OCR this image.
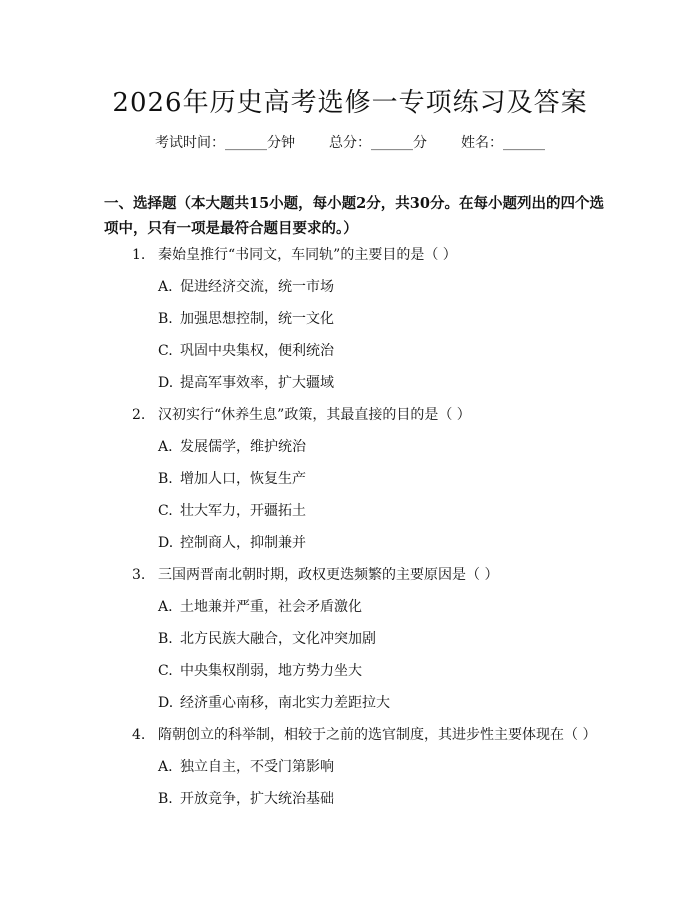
2026年历史高考选修一专项练习及答案
考试时间：______分钟 总分：______分 姓名：______
一、选择题（本大题共15小题，每小题2分，共30分。在每小题列出的四个选项中，只有一项是最符合题目要求的。）
1. 秦始皇推行“书同文，车同轨”的主要目的是（ ）
A. 促进经济交流，统一市场
B. 加强思想控制，统一文化
C. 巩固中央集权，便利统治
D. 提高军事效率，扩大疆域
2. 汉初实行“休养生息”政策，其最直接的目的是（ ）
A. 发展儒学，维护统治
B. 增加人口，恢复生产
C. 壮大军力，开疆拓土
D. 控制商人，抑制兼并
3. 三国两晋南北朝时期，政权更迭频繁的主要原因是（ ）
A. 土地兼并严重，社会矛盾激化
B. 北方民族大融合，文化冲突加剧
C. 中央集权削弱，地方势力坐大
D. 经济重心南移，南北实力差距拉大
4. 隋朝创立的科举制，相较于之前的选官制度，其进步性主要体现在（ ）
A. 独立自主，不受门第影响
B. 开放竞争，扩大统治基础
